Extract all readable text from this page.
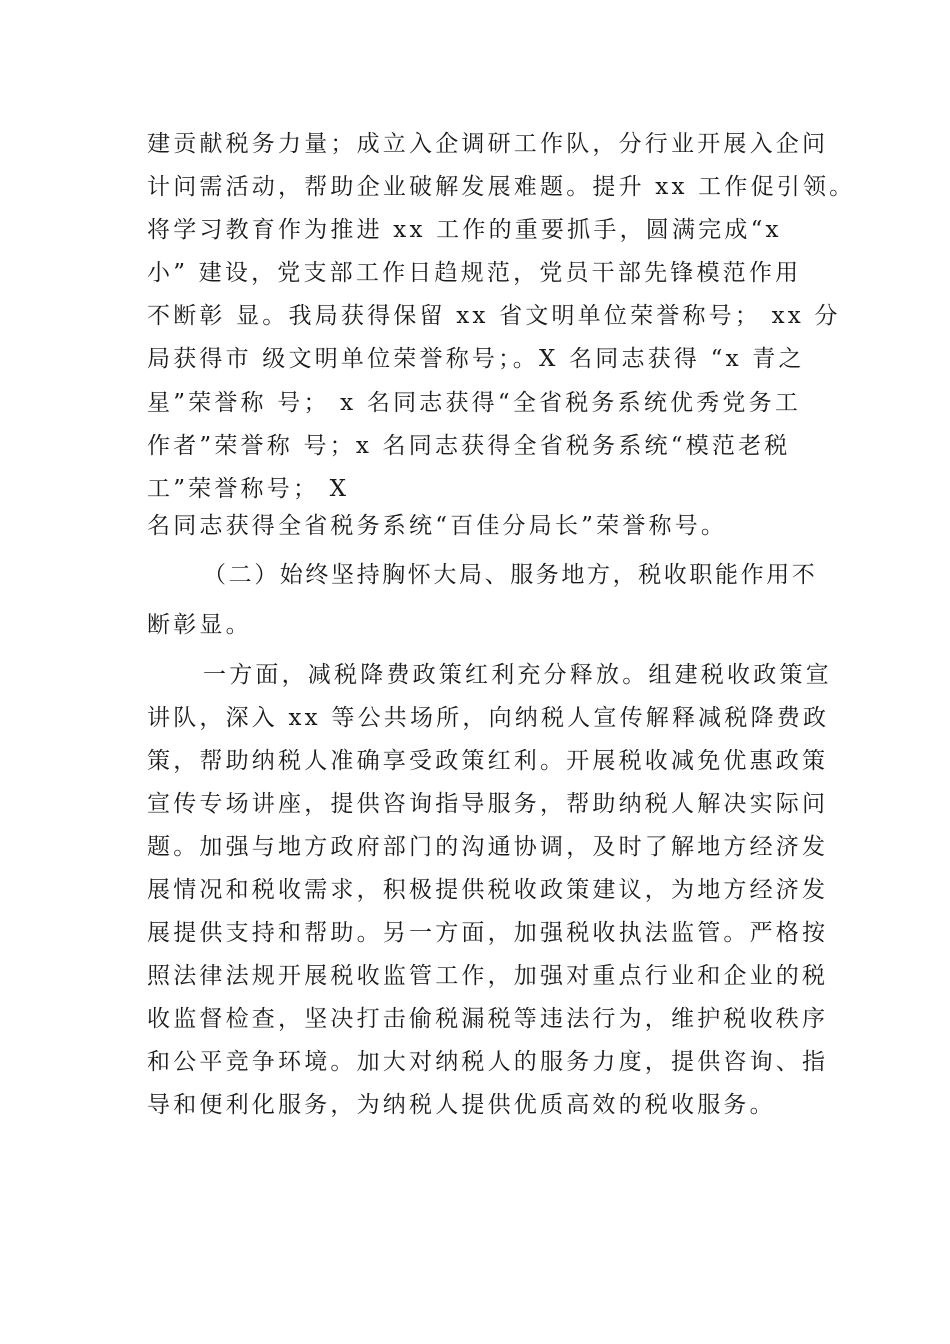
建贡献税务力量；成立入企调研工作队，分行业开展入企问
计问需活动，帮助企业破解发展难题。提升 xx 工作促引领。
将学习教育作为推进 xx 工作的重要抓手，圆满完成“x
小” 建设，党支部工作日趋规范，党员干部先锋模范作用
不断彰 显。我局获得保留 xx 省文明单位荣誉称号； xx 分
局获得市 级文明单位荣誉称号；。X 名同志获得 “x 青之
星”荣誉称 号； x 名同志获得“全省税务系统优秀党务工
作者”荣誉称 号；x 名同志获得全省税务系统“模范老税
工”荣誉称号； X
名同志获得全省税务系统“百佳分局长”荣誉称号。
（二）始终坚持胸怀大局、服务地方，税收职能作用不
断彰显。
一方面，减税降费政策红利充分释放。组建税收政策宣
讲队，深入 xx 等公共场所，向纳税人宣传解释减税降费政
策，帮助纳税人准确享受政策红利。开展税收减免优惠政策
宣传专场讲座，提供咨询指导服务，帮助纳税人解决实际问
题。加强与地方政府部门的沟通协调，及时了解地方经济发
展情况和税收需求，积极提供税收政策建议，为地方经济发
展提供支持和帮助。另一方面，加强税收执法监管。严格按
照法律法规开展税收监管工作，加强对重点行业和企业的税
收监督检查，坚决打击偷税漏税等违法行为，维护税收秩序
和公平竞争环境。加大对纳税人的服务力度，提供咨询、指
导和便利化服务，为纳税人提供优质高效的税收服务。
